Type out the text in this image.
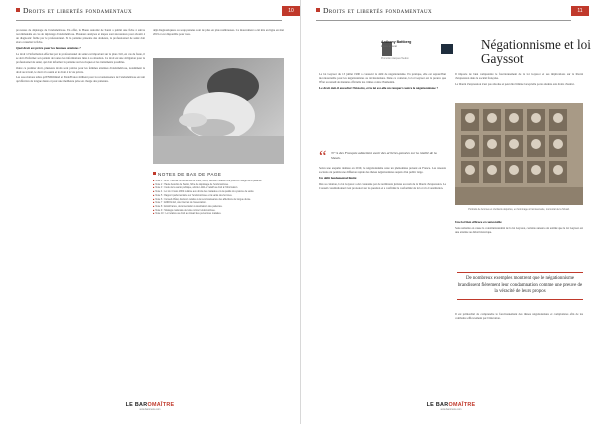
Droits et libertés fondamentaux	10

processus de dépistage de l'endométriose. En effet, la Haute Autorité de Santé a publié une fiche à suivre recommandée en cas de dépistage d'endométriose. Plusieurs analyses et étapes sont nécessaires pour aboutir à un diagnostic fiable par le professionnel. Si la patiente présente des douleurs, le professionnel de santé doit alors consulter la fiche.

Quel droit est prévu pour les femmes atteintes ?

Le droit à l'information effectué par le professionnel de santé est important sur le plan civil, en cas de faute, il se doit d'informer son patient de toutes les informations liées à sa situation. Ce droit est une obligation pour le professionnel de santé, qui doit informer la patiente sur les risques et les traitements possibles.

Outre ce premier droit, plusieurs droits sont prévus pour les femmes atteintes d'endométriose, notamment le droit au travail, le droit à la santé et le droit à la vie privée.

Les associations telles qu'ENDOmind et EndoFrance militent pour la reconnaissance de l'endométriose en tant qu'affection de longue durée et pour une meilleure prise en charge des patientes.

déjà diagnostiquées ou soupçonnées sont de plus en plus nombreuses. Ce mouvement a été mis en ligne en mai 2019 et est disponible pour tous.

NOTES DE BAS DE PAGE
■Note 1 : Arrêt Tribunal correctionnel de Paris, 2019, décision relative à la prise en charge de la patiente.
■Note 2 : Haute Autorité de Santé, fiche de dépistage de l'endométriose.
■Note 3 : Code de la santé publique, article L1111-2 relatif au droit à l'information.
■Note 4 : Loi du 4 mars 2002 relative aux droits des malades et à la qualité du système de santé.
■Note 5 : Rapport parlementaire sur l'endométriose et la santé des femmes.
■Note 6 : Conseil d'État, décision relative à la reconnaissance des affections de longue durée.
■Note 7 : ENDOmind, site internet de l'association.
■Note 8 : EndoFrance, documentation à destination des patientes.
■Note 9 : Stratégie nationale de lutte contre l'endométriose.
■Note 10 : Loi relative au droit au travail des personnes malades.
LE BAROMAÎTRE
www.barometre.com
Droits et libertés fondamentaux	11
Anthony Battberg
Élève avocat
Promotion Jacques Tsedon
Négationnisme et loi Gayssot

La loi Gayssot du 13 juillet 1990 a consacré le délit de négationnisme. En pratique, elle est aujourd'hui incontournable pour les négationnistes ou révisionnistes. Dans ce contexte, la loi Gayssot est la preuve que l'État reconnaît de manière officielle les crimes contre l'humanité.

Le droit doit-il encadrer l'histoire, et la loi est-elle un rempart contre le négationnisme ?

“ 37 % des Français admettent avoir des arrières-pensées sur la réalité de la Shoah.

Selon une enquête réalisée en 2019, le négationnisme reste un phénomène présent en France. Les réseaux sociaux ont permis une diffusion rapide des thèses négationnistes auprès d'un public large.

Un délit fondamental limité

Dès sa création, la loi Gayssot a été contestée par de nombreux juristes au nom de la liberté d'expression. Le Conseil constitutionnel s'est prononcé sur la question et a confirmé la conformité de la loi à la Constitution.

Il importe de bien comprendre le fonctionnement de la loi Gayssot et ses implications sur la liberté d'expression dans la société française.

La liberté d'expression n'est pas absolue et peut être limitée lorsqu'elle porte atteinte aux droits d'autrui.

Portraits de femmes et d'enfants déportés, en hommage à l'anniversaire, mémorial de la Shoah.

Une loi bien efficace et contestable

Sans remettre en cause la constitutionnalité de la loi Gayssot, certains auteurs ont estimé que la loi Gayssot est une atteinte au débat historique.

De nombreux exemples montrent que le négationnisme brandissent fièrement leur condamnation comme une preuve de la véracité de leurs propos

Il est primordial de comprendre le fonctionnement des thèses négationnistes et complotistes afin de les combattre efficacement par l'éducation.

LE BAROMAÎTRE
www.barometre.com
